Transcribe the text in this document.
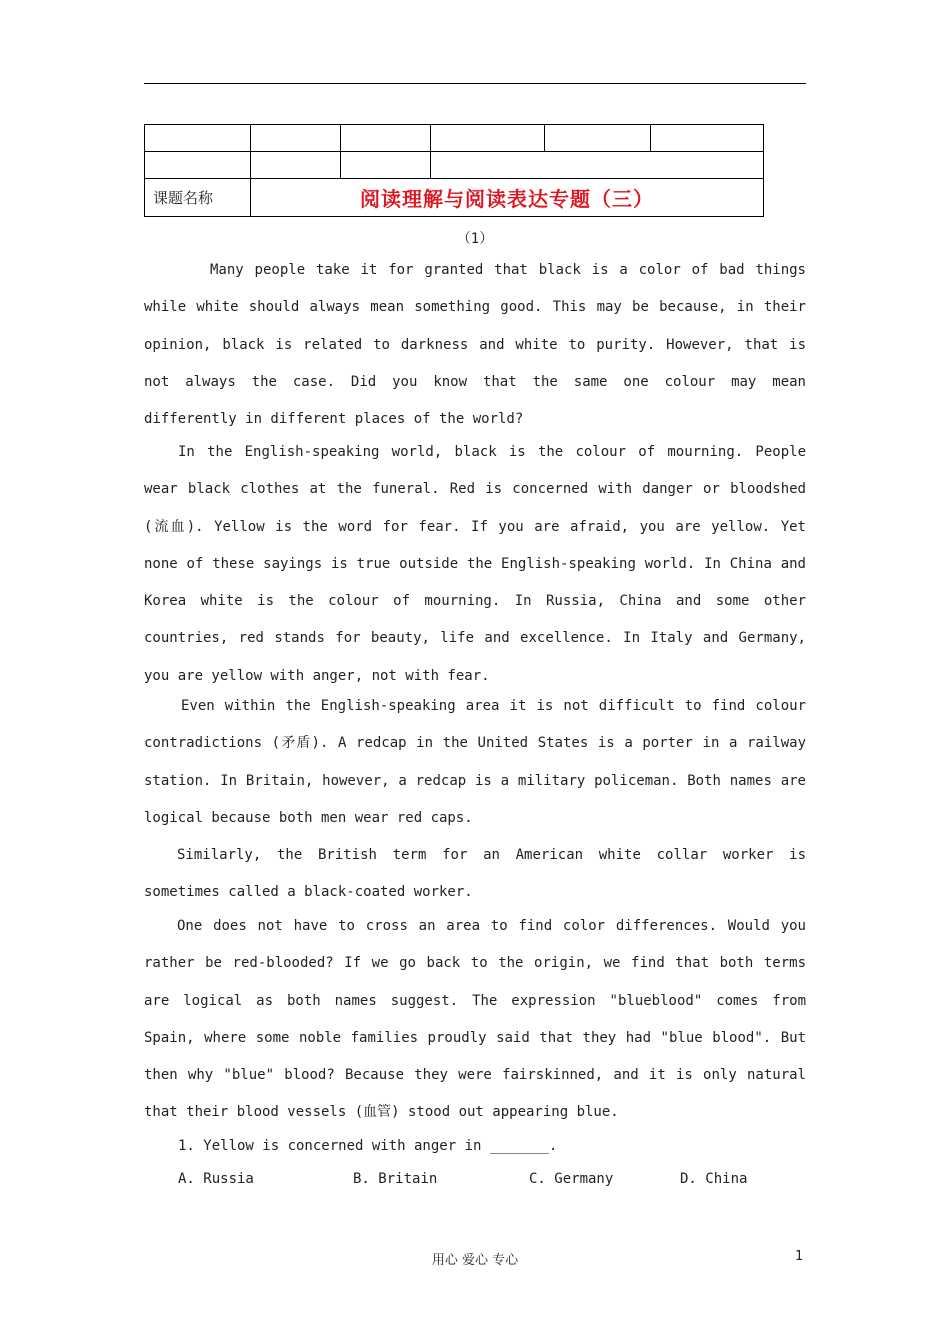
课题名称	阅读理解与阅读表达专题（三）				
（1）

Many people take it for granted that black is a color of bad things while white should always mean something good. This may be because, in their opinion, black is related to darkness and white to purity. However, that is not always the case. Did you know that the same one colour may mean differently in different places of the world?

In the English-speaking world, black is the colour of mourning. People wear black clothes at the funeral. Red is concerned with danger or bloodshed (流血). Yellow is the word for fear. If you are afraid, you are yellow. Yet none of these sayings is true outside the English-speaking world. In China and Korea white is the colour of mourning. In Russia, China and some other countries, red stands for beauty, life and excellence. In Italy and Germany, you are yellow with anger, not with fear.

Even within the English-speaking area it is not difficult to find colour contradictions (矛盾). A redcap in the United States is a porter in a railway station. In Britain, however, a redcap is a military policeman. Both names are logical because both men wear red caps.

Similarly, the British term for an American white collar worker is sometimes called a black-coated worker.

One does not have to cross an area to find color differences. Would you rather be red-blooded? If we go back to the origin, we find that both terms are logical as both names suggest. The expression "blueblood" comes from Spain, where some noble families proudly said that they had "blue blood". But then why "blue" blood? Because they were fairskinned, and it is only natural that their blood vessels (血管) stood out appearing blue.

1. Yellow is concerned with anger in _______.
A. Russia	B. Britain	C. Germany	D. China
用心 爱心 专心	1
